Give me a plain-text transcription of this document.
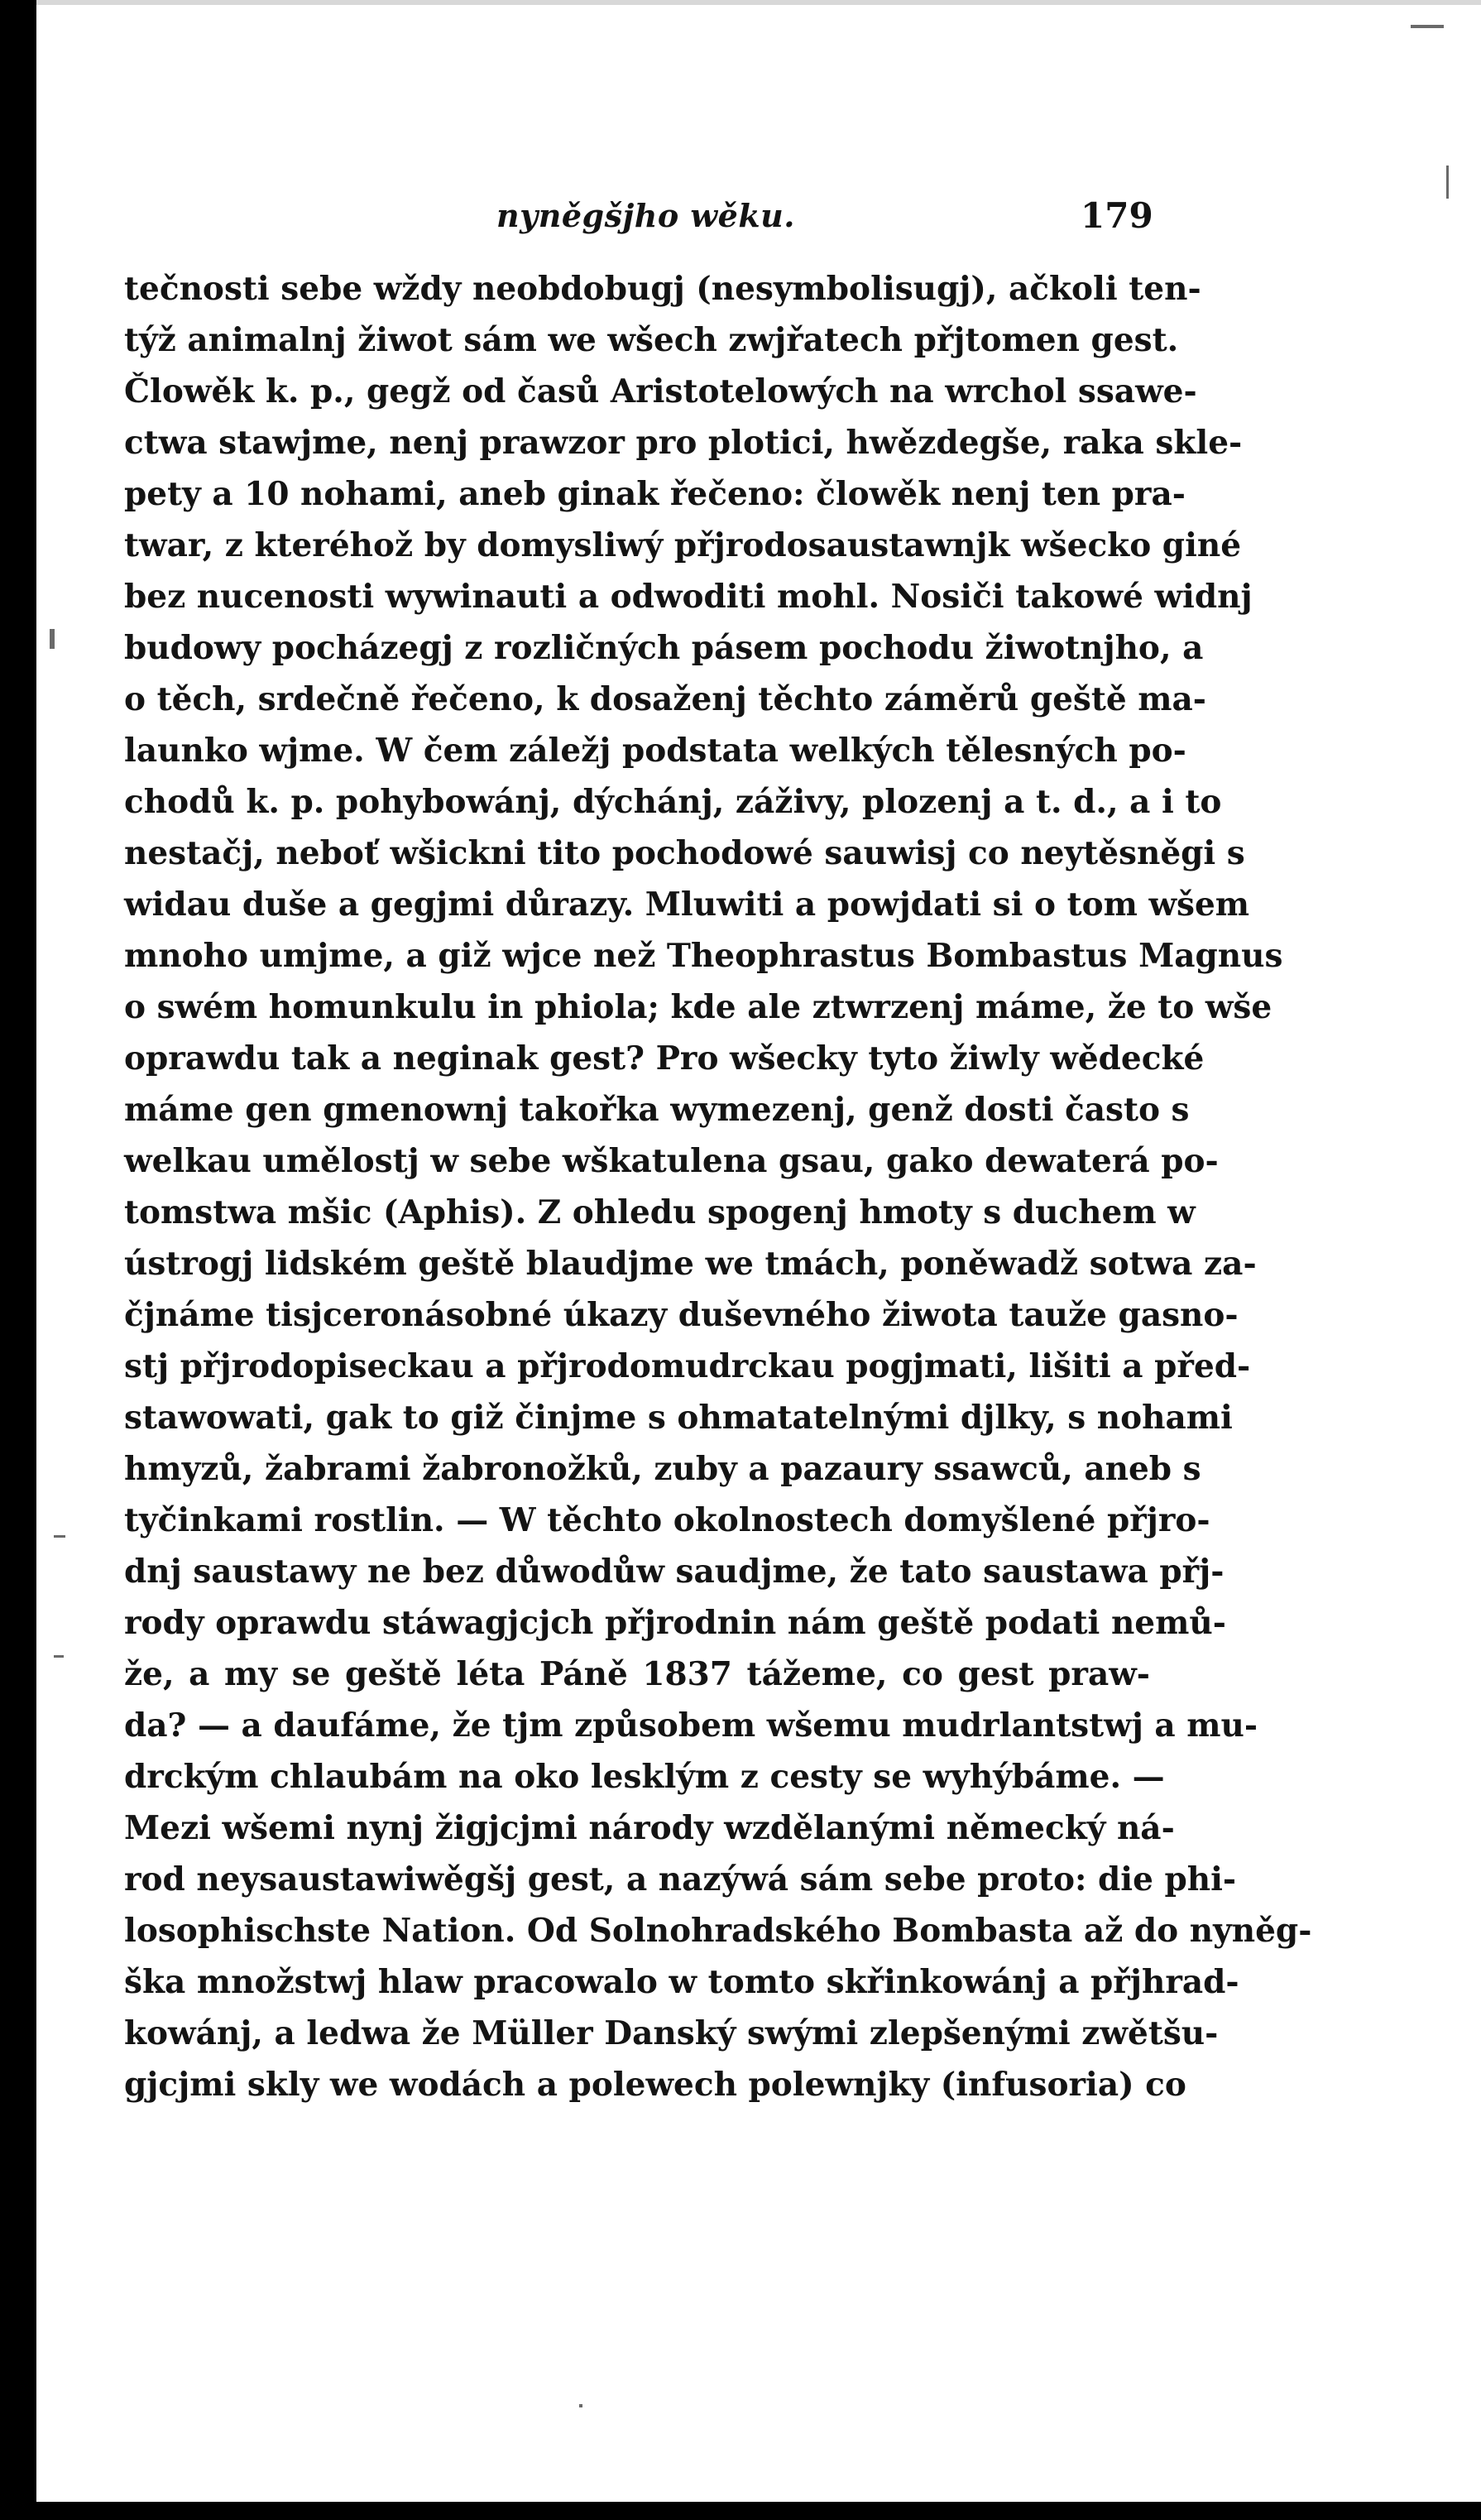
nyněgšjho wěku.	179
tečnosti sebe wždy neobdobugj (nesymbolisugj), ačkoli ten-
týž animalnj žiwot sám we wšech zwjřatech přjtomen gest.
Člowěk k. p., gegž od časů Aristotelowých na wrchol ssawe-
ctwa stawjme, nenj prawzor pro plotici, hwězdegše, raka sklе-
pety a 10 nohami, aneb ginak řečeno: člowěk nenj ten pra-
twar, z kteréhož by domysliwý přjrodosaustawnjk wšecko giné
bez nucenosti wywinauti a odwoditi mohl. Nosiči takowé widnj
budowy pocházegj z rozličných pásem pochodu žiwotnjho, a
o těch, srdečně řečeno, k dosaženj těchto záměrů geště ma-
launko wjme. W čem záležj podstata welkých tělesných po-
chodů k. p. pohybowánj, dýchánj, záživy, plozenj a t. d., a i to
nestačj, neboť wšickni tito pochodowé sauwisj co neytěsněgi s
widau duše a gegjmi důrazy. Mluwiti a powjdati si o tom wšem
mnoho umjme, a giž wjce než Theophrastus Bombastus Magnus
o swém homunkulu in phiola; kde ale ztwrzenj máme, že to wše
oprawdu tak a neginak gest? Pro wšecky tyto žiwly wědecké
máme gen gmenownj takořka wymezenj, genž dosti často s
welkau umělostj w sebe wškatulena gsau, gako dewaterá po-
tomstwa mšic (Aphis). Z ohledu spogenj hmoty s duchem w
ústrogj lidském geště blaudjme we tmách, poněwadž sotwa za-
čjnáme tisjceronásobné úkazy duševného žiwota tauže gasno-
stj přjrodopiseckau a přjrodomudrckau pogjmati, lišiti a před-
stawowati, gak to giž činjme s ohmatatelnými djlky, s nohami
hmyzů, žabrami žabronožků, zuby a pazaury ssawců, aneb s
tyčinkami rostlin. — W těchto okolnostech domyšlené přjro-
dnj saustawy ne bez důwodůw saudjme, že tato saustawa přj-
rody oprawdu stáwagjcjch přjrodnin nám geště podati nemů-
že, a my se geště léta Páně 1837 tážeme, co gest praw-
da? — a daufáme, že tjm způsobem wšemu mudrlantstwj a mu-
drckým chlaubám na oko lesklým z cesty se wyhýbáme. —
Mezi wšemi nynj žigjcjmi národy wzdělanými německý ná-
rod neysaustawiwěgšj gest, a nazýwá sám sebe proto: die phi-
losophischste Nation. Od Solnohradského Bombasta až do nyněg-
ška množstwj hlaw pracowalo w tomto skřinkowánj a přjhrad-
kowánj, a ledwa že Müller Danský swými zlepšenými zwětšu-
gjcjmi skly we wodách a polewech polewnjky (infusoria) co
